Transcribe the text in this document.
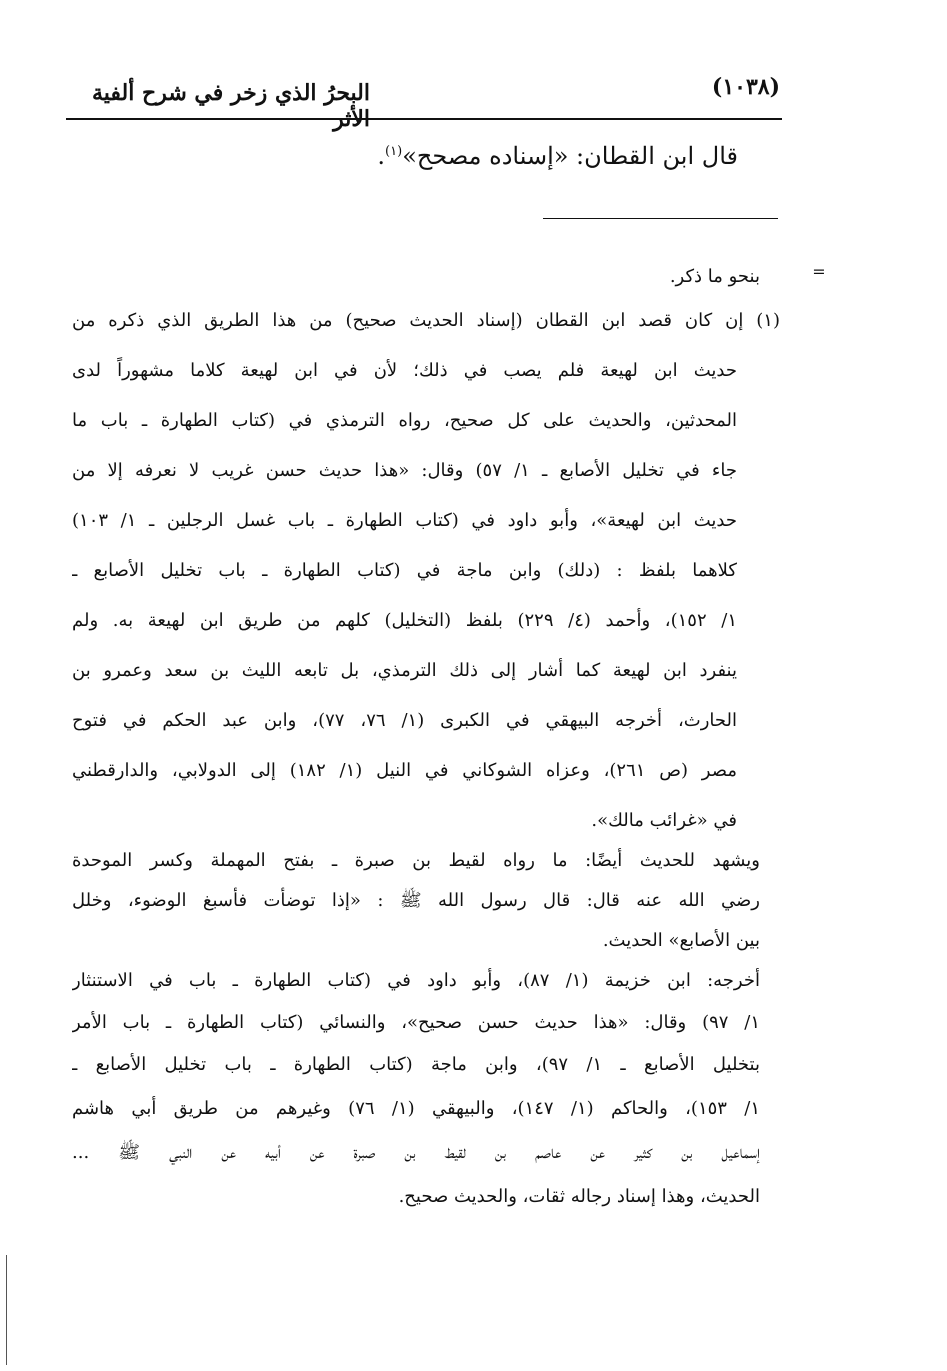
البحرُ الذي زخر في شرح ألفية الأثر
(١٠٣٨)
قال ابن القطان: «إسناده مصحح»$^{(١)}$.
=
بنحو ما ذكر.
(١) إن كان قصد ابن القطان (إسناد الحديث صحيح) من هذا الطريق الذي ذكره من
حديث ابن لهيعة فلم يصب في ذلك؛ لأن في ابن لهيعة كلاما مشهوراً لدى
المحدثين، والحديث على كل صحيح، رواه الترمذي في (كتاب الطهارة ـ باب ما
جاء في تخليل الأصابع ـ ١/ ٥٧) وقال: «هذا حديث حسن غريب لا نعرفه إلا من
حديث ابن لهيعة»، وأبو داود في (كتاب الطهارة ـ باب غسل الرجلين ـ ١/ ١٠٣)
كلاهما بلفظ : (دلك) وابن ماجة في (كتاب الطهارة ـ باب تخليل الأصابع ـ
١/ ١٥٢)، وأحمد (٤/ ٢٢٩) بلفظ (التخليل) كلهم من طريق ابن لهيعة به. ولم
ينفرد ابن لهيعة كما أشار إلى ذلك الترمذي، بل تابعه الليث بن سعد وعمرو بن
الحارث، أخرجه البيهقي في الكبرى (١/ ٧٦، ٧٧)، وابن عبد الحكم في فتوح
مصر (ص ٢٦١)، وعزاه الشوكاني في النيل (١/ ١٨٢) إلى الدولابي، والدارقطني
في «غرائب مالك».
ويشهد للحديث أيضًا: ما رواه لقيط بن صبرة ـ بفتح المهملة وكسر الموحدة
رضي الله عنه قال: قال رسول الله ﷺ : «إذا توضأت فأسبغ الوضوء، وخلل
بين الأصابع» الحديث.
أخرجه: ابن خزيمة (١/ ٨٧)، وأبو داود في (كتاب الطهارة ـ باب في الاستنثار
١/ ٩٧) وقال: «هذا حديث حسن صحيح»، والنسائي (كتاب الطهارة ـ باب الأمر
بتخليل الأصابع ـ ١/ ٩٧)، وابن ماجة (كتاب الطهارة ـ باب تخليل الأصابع ـ
١/ ١٥٣)، والحاكم (١/ ١٤٧)، والبيهقي (١/ ٧٦) وغيرهم من طريق أبي هاشم
إسماعيل بن كثير عن عاصم بن لقيط بن صبرة عن أبيه عن النبي ﷺ ...
الحديث، وهذا إسناد رجاله ثقات، والحديث صحيح.
